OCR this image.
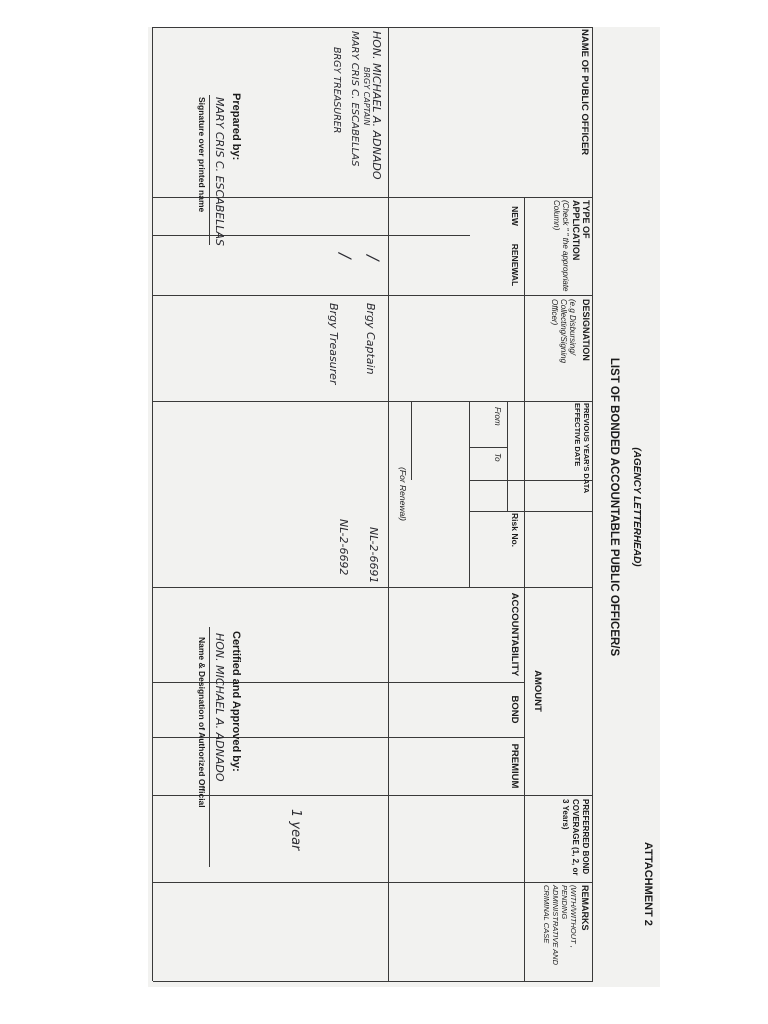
ATTACHMENT 2
(AGENCY LETTERHEAD)
LIST OF BONDED ACCOUNTABLE PUBLIC OFFICER/S
NAME OF PUBLIC OFFICER
TYPE OF APPLICATION
(Check " " the appropriate Column)
NEW
RENEWAL
DESIGNATION
(e.g Disbursing/ Collecting/Signing Officer)
PREVIOUS YEAR'S DATA
EFFECTIVE DATE
From
To
Risk No.
(For Renewal)
AMOUNT
ACCOUNTABILITY
BOND
PREMIUM
PREFERRED BOND COVERAGE (1, 2, or 3 Years)
REMARKS
(WITH/WITHOUT , PENDING ADMINISTRATIVE AND CRIMINAL CASE
HON. MICHAEL A. ADNADO
BRGY CAPTAIN
MARY CRIS C. ESCABELLAS
BRGY TREASURER
/
/
Brgy Captain
Brgy Treasurer
NL-2-6691
NL-2-6692
1 year
Prepared by:
MARY CRIS C. ESCABELLAS
Signature over printed name
Certified and Approved by:
HON. MICHAEL A. ADNADO
Name & Designation of Authorized Official
